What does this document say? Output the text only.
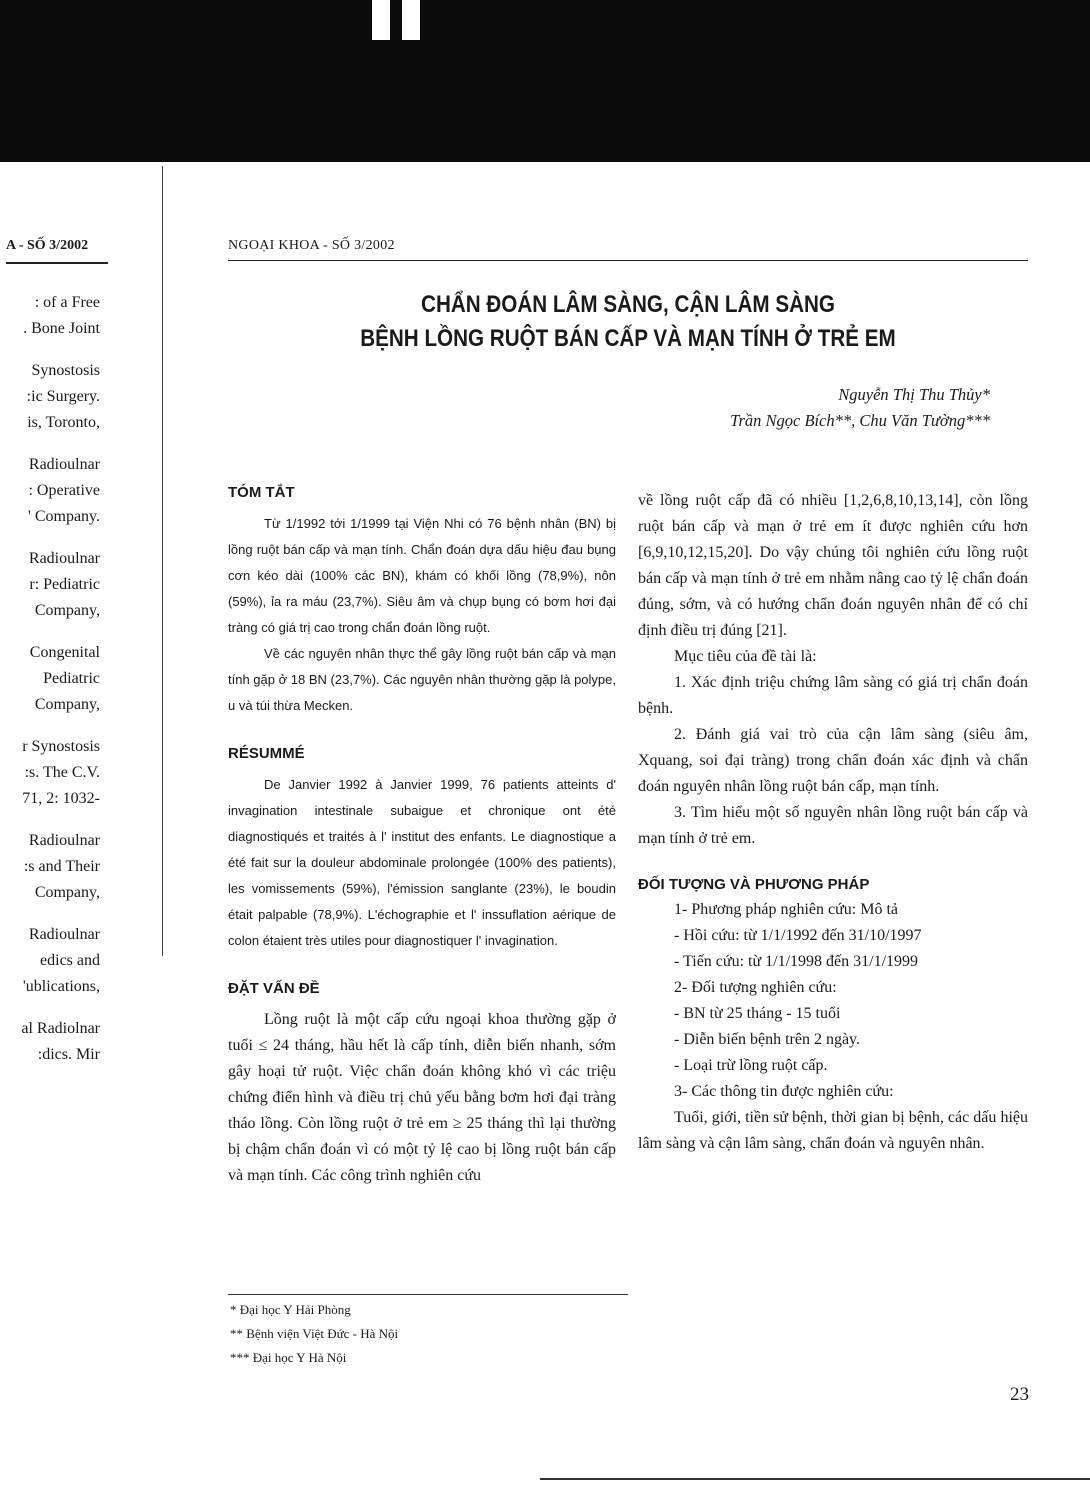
A - SỐ 3/2002
: of a Free
. Bone Joint
Synostosis
:ic Surgery.
is, Toronto,
Radioulnar
: Operative
' Company.
Radioulnar
r: Pediatric
Company,
Congenital
Pediatric
Company,
r Synostosis
:s. The C.V.
71, 2: 1032-
Radioulnar
:s and Their
Company,
Radioulnar
edics and
'ublications,
al Radiolnar
:dics. Mir
NGOẠI KHOA - SỐ 3/2002
CHẨN ĐOÁN LÂM SÀNG, CẬN LÂM SÀNG
BỆNH LỒNG RUỘT BÁN CẤP VÀ MẠN TÍNH Ở TRẺ EM
Nguyễn Thị Thu Thủy*
Trần Ngọc Bích**, Chu Văn Tường***
TÓM TẮT

Từ 1/1992 tới 1/1999 tại Viện Nhi có 76 bệnh nhân (BN) bị lồng ruột bán cấp và mạn tính. Chẩn đoán dựa dấu hiệu đau bụng cơn kéo dài (100% các BN), khám có khối lồng (78,9%), nôn (59%), ỉa ra máu (23,7%). Siêu âm và chụp bụng có bơm hơi đại tràng có giá trị cao trong chẩn đoán lồng ruột.

Về các nguyên nhân thực thể gây lồng ruột bán cấp và mạn tính gặp ở 18 BN (23,7%). Các nguyên nhân thường gặp là polype, u và túi thừa Mecken.

RÉSUMMÉ

De Janvier 1992 à Janvier 1999, 76 patients atteints d' invagination intestinale subaigue et chronique ont été diagnostiqués et traités à l' institut des enfants. Le diagnostique a été fait sur la douleur abdominale prolongée (100% des patients), les vomissements (59%), l'émission sanglante (23%), le boudin était palpable (78,9%). L'échographie et l' inssuflation aérique de colon étaient très utiles pour diagnostiquer l' invagination.

ĐẶT VẤN ĐỀ

Lồng ruột là một cấp cứu ngoại khoa thường gặp ở tuổi ≤ 24 tháng, hầu hết là cấp tính, diễn biến nhanh, sớm gây hoại tử ruột. Việc chẩn đoán không khó vì các triệu chứng điển hình và điều trị chủ yếu bằng bơm hơi đại tràng tháo lồng. Còn lồng ruột ở trẻ em ≥ 25 tháng thì lại thường bị chậm chẩn đoán vì có một tỷ lệ cao bị lồng ruột bán cấp và mạn tính. Các công trình nghiên cứu

về lồng ruột cấp đã có nhiều [1,2,6,8,10,13,14], còn lồng ruột bán cấp và mạn ở trẻ em ít được nghiên cứu hơn [6,9,10,12,15,20]. Do vậy chúng tôi nghiên cứu lồng ruột bán cấp và mạn tính ở trẻ em nhằm nâng cao tỷ lệ chẩn đoán đúng, sớm, và có hướng chẩn đoán nguyên nhân để có chỉ định điều trị đúng [21].

Mục tiêu của đề tài là:

1. Xác định triệu chứng lâm sàng có giá trị chẩn đoán bệnh.

2. Đánh giá vai trò của cận lâm sàng (siêu âm, Xquang, soi đại tràng) trong chẩn đoán xác định và chẩn đoán nguyên nhân lồng ruột bán cấp, mạn tính.

3. Tìm hiểu một số nguyên nhân lồng ruột bán cấp và mạn tính ở trẻ em.

ĐỐI TƯỢNG VÀ PHƯƠNG PHÁP
1- Phương pháp nghiên cứu: Mô tả
- Hồi cứu: từ 1/1/1992 đến 31/10/1997
- Tiến cứu: từ 1/1/1998 đến 31/1/1999
2- Đối tượng nghiên cứu:
- BN từ 25 tháng - 15 tuổi
- Diễn biến bệnh trên 2 ngày.
- Loại trừ lồng ruột cấp.
3- Các thông tin được nghiên cứu:

Tuổi, giới, tiền sử bệnh, thời gian bị bệnh, các dấu hiệu lâm sàng và cận lâm sàng, chẩn đoán và nguyên nhân.

* Đại học Y Hải Phòng
** Bệnh viện Việt Đức - Hà Nội
*** Đại học Y Hà Nội
23
